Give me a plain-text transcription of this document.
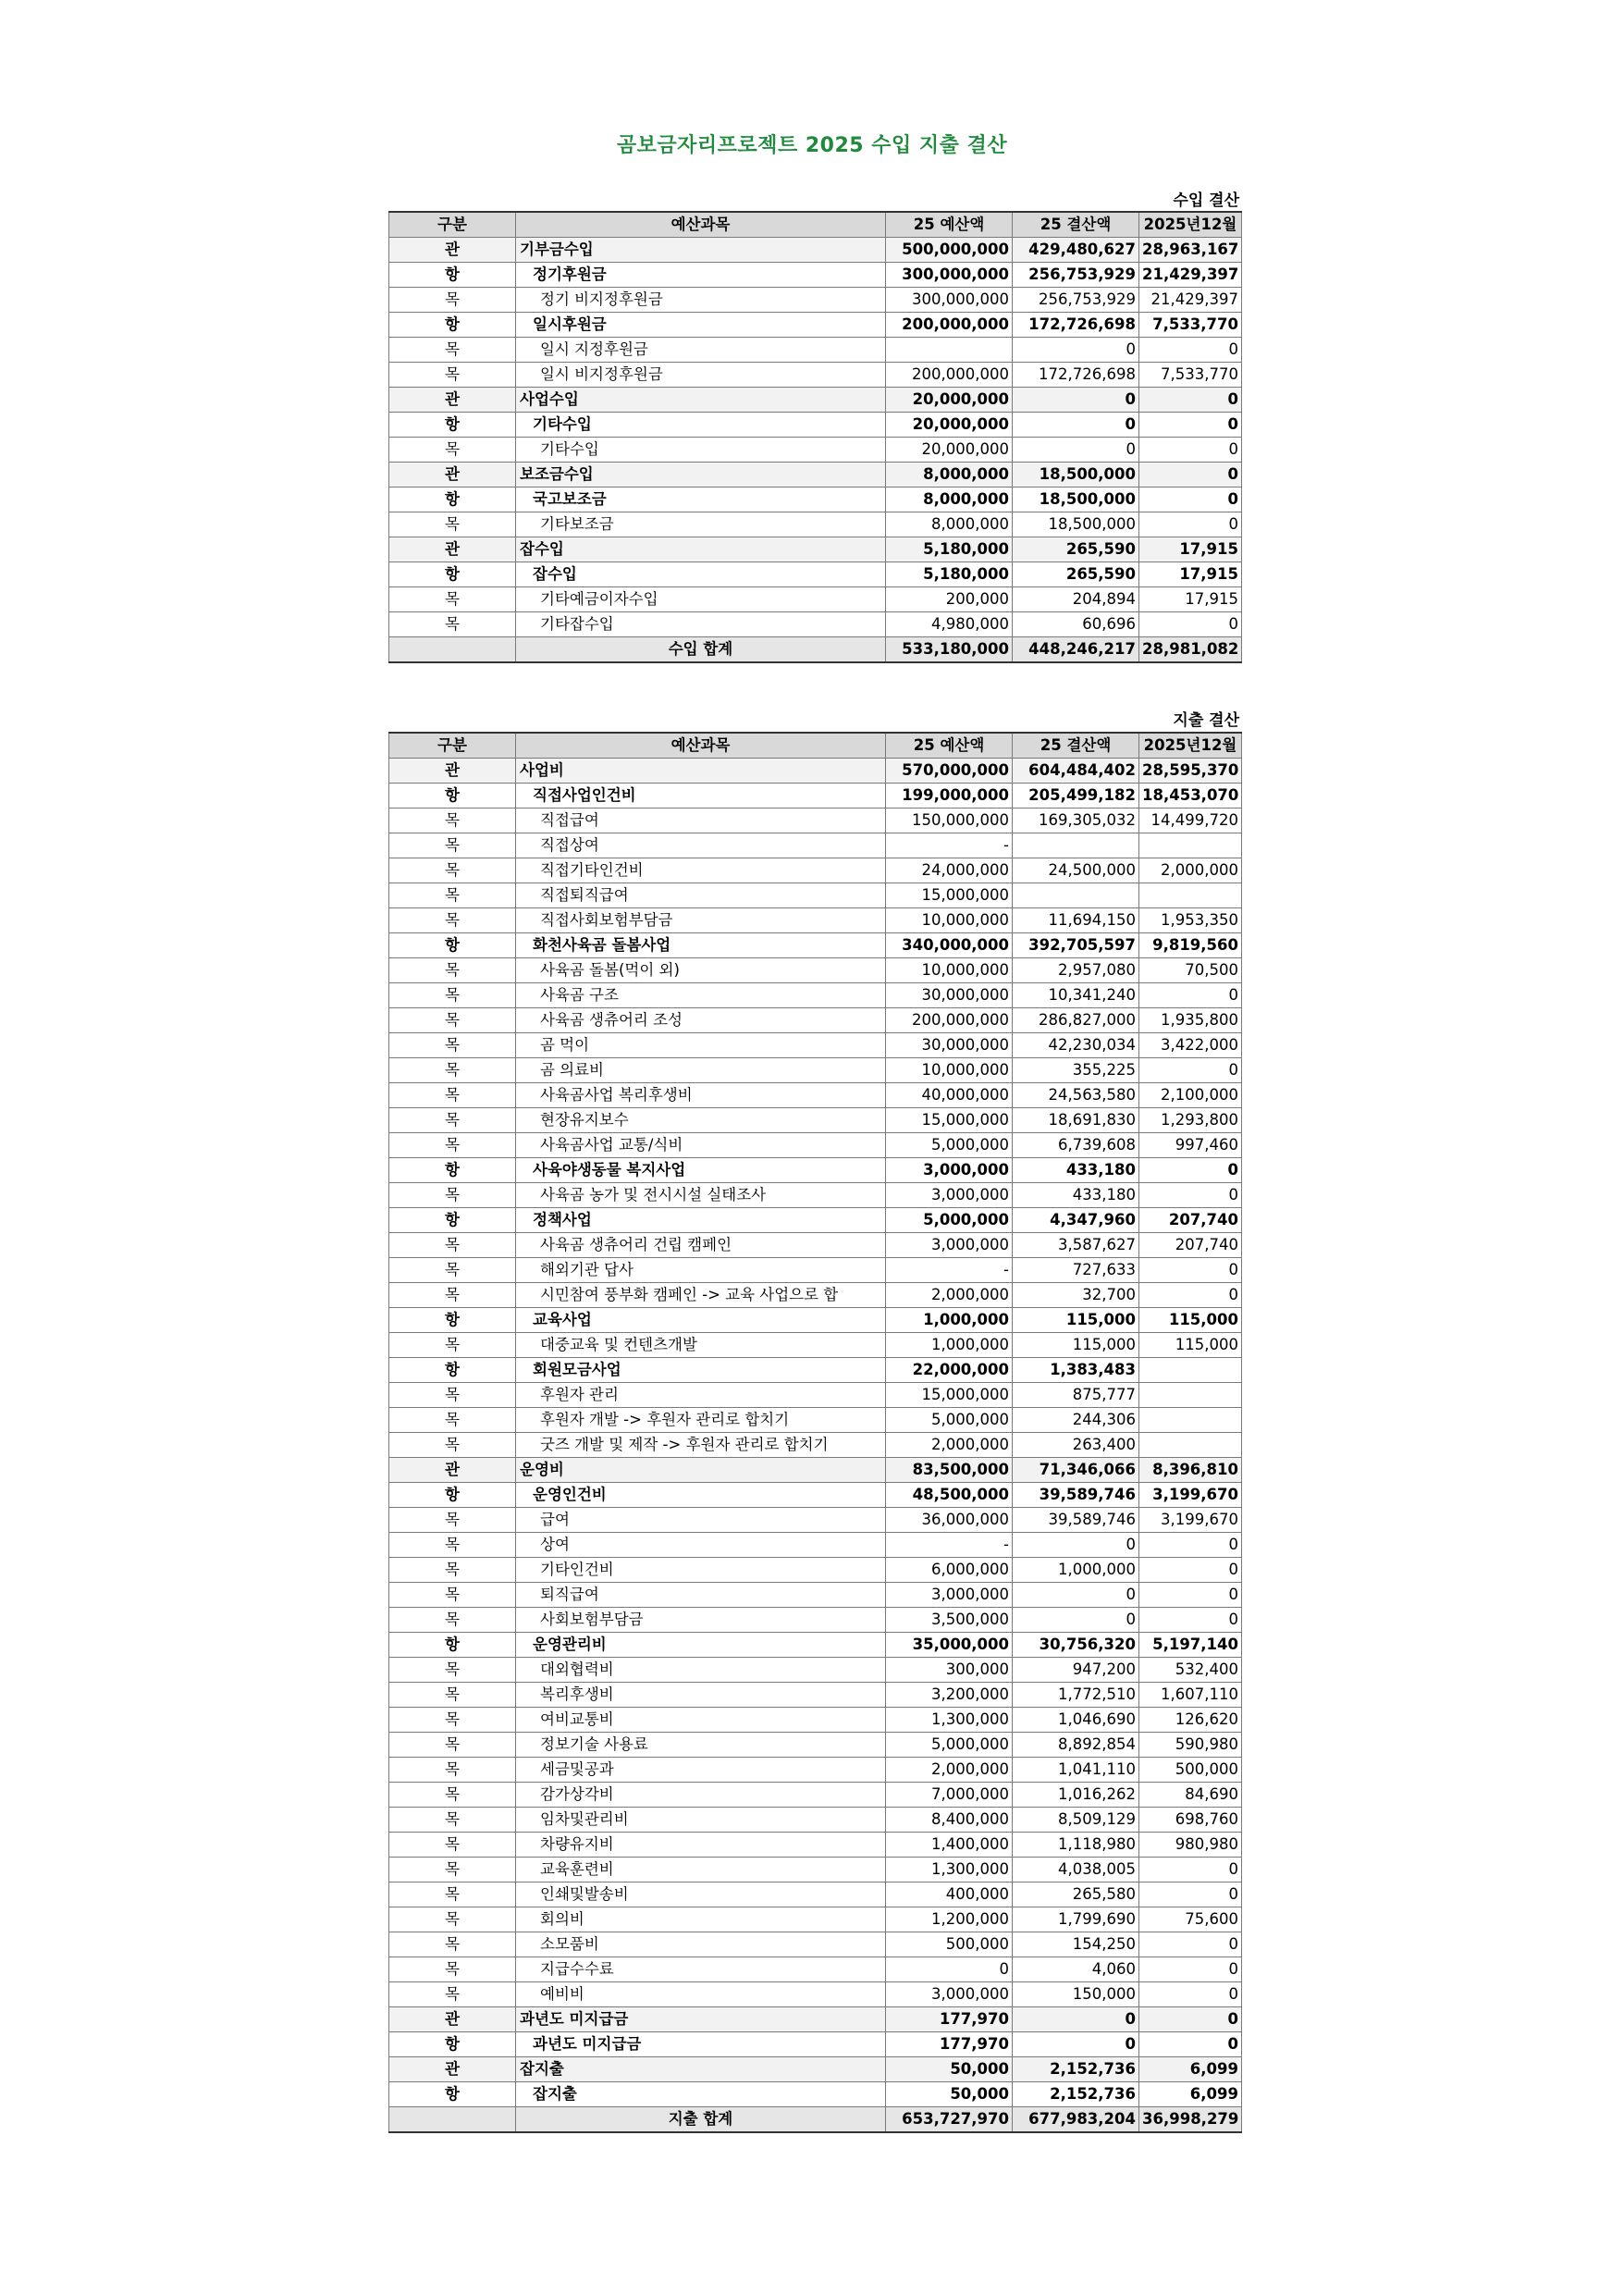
곰보금자리프로젝트 2025 수입 지출 결산
수입 결산
구분	예산과목	25 예산액	25 결산액	2025년12월
관	기부금수입	500,000,000	429,480,627	28,963,167
항	정기후원금	300,000,000	256,753,929	21,429,397
목	정기 비지정후원금	300,000,000	256,753,929	21,429,397
항	일시후원금	200,000,000	172,726,698	7,533,770
목	일시 지정후원금		0	0
목	일시 비지정후원금	200,000,000	172,726,698	7,533,770
관	사업수입	20,000,000	0	0
항	기타수입	20,000,000	0	0
목	기타수입	20,000,000	0	0
관	보조금수입	8,000,000	18,500,000	0
항	국고보조금	8,000,000	18,500,000	0
목	기타보조금	8,000,000	18,500,000	0
관	잡수입	5,180,000	265,590	17,915
항	잡수입	5,180,000	265,590	17,915
목	기타예금이자수입	200,000	204,894	17,915
목	기타잡수입	4,980,000	60,696	0
	수입 합계	533,180,000	448,246,217	28,981,082
지출 결산
구분	예산과목	25 예산액	25 결산액	2025년12월
관	사업비	570,000,000	604,484,402	28,595,370
항	직접사업인건비	199,000,000	205,499,182	18,453,070
목	직접급여	150,000,000	169,305,032	14,499,720
목	직접상여	-		
목	직접기타인건비	24,000,000	24,500,000	2,000,000
목	직접퇴직급여	15,000,000		
목	직접사회보험부담금	10,000,000	11,694,150	1,953,350
항	화천사육곰 돌봄사업	340,000,000	392,705,597	9,819,560
목	사육곰 돌봄(먹이 외)	10,000,000	2,957,080	70,500
목	사육곰 구조	30,000,000	10,341,240	0
목	사육곰 생츄어리 조성	200,000,000	286,827,000	1,935,800
목	곰 먹이	30,000,000	42,230,034	3,422,000
목	곰 의료비	10,000,000	355,225	0
목	사육곰사업 복리후생비	40,000,000	24,563,580	2,100,000
목	현장유지보수	15,000,000	18,691,830	1,293,800
목	사육곰사업 교통/식비	5,000,000	6,739,608	997,460
항	사육야생동물 복지사업	3,000,000	433,180	0
목	사육곰 농가 및 전시시설 실태조사	3,000,000	433,180	0
항	정책사업	5,000,000	4,347,960	207,740
목	사육곰 생츄어리 건립 캠페인	3,000,000	3,587,627	207,740
목	해외기관 답사	-	727,633	0
목	시민참여 풍부화 캠페인 -> 교육 사업으로 합	2,000,000	32,700	0
항	교육사업	1,000,000	115,000	115,000
목	대중교육 및 컨텐츠개발	1,000,000	115,000	115,000
항	회원모금사업	22,000,000	1,383,483	
목	후원자 관리	15,000,000	875,777	
목	후원자 개발 -> 후원자 관리로 합치기	5,000,000	244,306	
목	굿즈 개발 및 제작 -> 후원자 관리로 합치기	2,000,000	263,400	
관	운영비	83,500,000	71,346,066	8,396,810
항	운영인건비	48,500,000	39,589,746	3,199,670
목	급여	36,000,000	39,589,746	3,199,670
목	상여	-	0	0
목	기타인건비	6,000,000	1,000,000	0
목	퇴직급여	3,000,000	0	0
목	사회보험부담금	3,500,000	0	0
항	운영관리비	35,000,000	30,756,320	5,197,140
목	대외협력비	300,000	947,200	532,400
목	복리후생비	3,200,000	1,772,510	1,607,110
목	여비교통비	1,300,000	1,046,690	126,620
목	정보기술 사용료	5,000,000	8,892,854	590,980
목	세금및공과	2,000,000	1,041,110	500,000
목	감가상각비	7,000,000	1,016,262	84,690
목	임차및관리비	8,400,000	8,509,129	698,760
목	차량유지비	1,400,000	1,118,980	980,980
목	교육훈련비	1,300,000	4,038,005	0
목	인쇄및발송비	400,000	265,580	0
목	회의비	1,200,000	1,799,690	75,600
목	소모품비	500,000	154,250	0
목	지급수수료	0	4,060	0
목	예비비	3,000,000	150,000	0
관	과년도 미지급금	177,970	0	0
항	과년도 미지급금	177,970	0	0
관	잡지출	50,000	2,152,736	6,099
항	잡지출	50,000	2,152,736	6,099
	지출 합계	653,727,970	677,983,204	36,998,279
